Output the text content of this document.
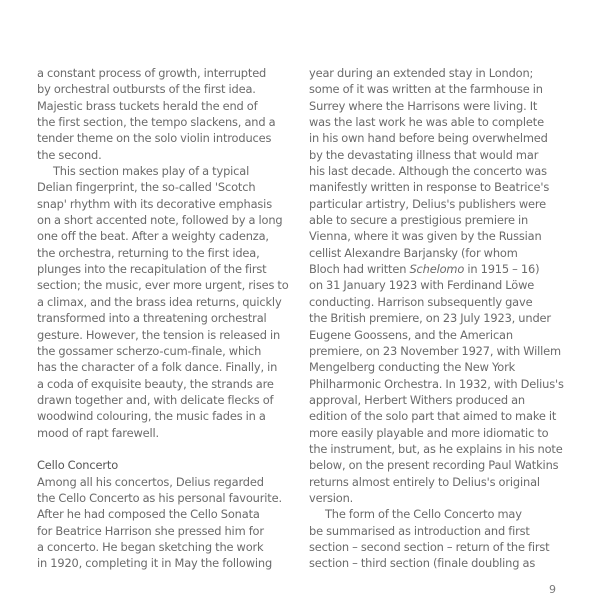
a constant process of growth, interrupted
by orchestral outbursts of the first idea.
Majestic brass tuckets herald the end of
the first section, the tempo slackens, and a
tender theme on the solo violin introduces
the second.
This section makes play of a typical
Delian fingerprint, the so-called 'Scotch
snap' rhythm with its decorative emphasis
on a short accented note, followed by a long
one off the beat. After a weighty cadenza,
the orchestra, returning to the first idea,
plunges into the recapitulation of the first
section; the music, ever more urgent, rises to
a climax, and the brass idea returns, quickly
transformed into a threatening orchestral
gesture. However, the tension is released in
the gossamer scherzo-cum-finale, which
has the character of a folk dance. Finally, in
a coda of exquisite beauty, the strands are
drawn together and, with delicate flecks of
woodwind colouring, the music fades in a
mood of rapt farewell.
Cello Concerto
Among all his concertos, Delius regarded
the Cello Concerto as his personal favourite.
After he had composed the Cello Sonata
for Beatrice Harrison she pressed him for
a concerto. He began sketching the work
in 1920, completing it in May the following
year during an extended stay in London;
some of it was written at the farmhouse in
Surrey where the Harrisons were living. It
was the last work he was able to complete
in his own hand before being overwhelmed
by the devastating illness that would mar
his last decade. Although the concerto was
manifestly written in response to Beatrice's
particular artistry, Delius's publishers were
able to secure a prestigious premiere in
Vienna, where it was given by the Russian
cellist Alexandre Barjansky (for whom
Bloch had written Schelomo in 1915 – 16)
on 31 January 1923 with Ferdinand Löwe
conducting. Harrison subsequently gave
the British premiere, on 23 July 1923, under
Eugene Goossens, and the American
premiere, on 23 November 1927, with Willem
Mengelberg conducting the New York
Philharmonic Orchestra. In 1932, with Delius's
approval, Herbert Withers produced an
edition of the solo part that aimed to make it
more easily playable and more idiomatic to
the instrument, but, as he explains in his note
below, on the present recording Paul Watkins
returns almost entirely to Delius's original
version.
The form of the Cello Concerto may
be summarised as introduction and first
section – second section – return of the first
section – third section (finale doubling as
9
